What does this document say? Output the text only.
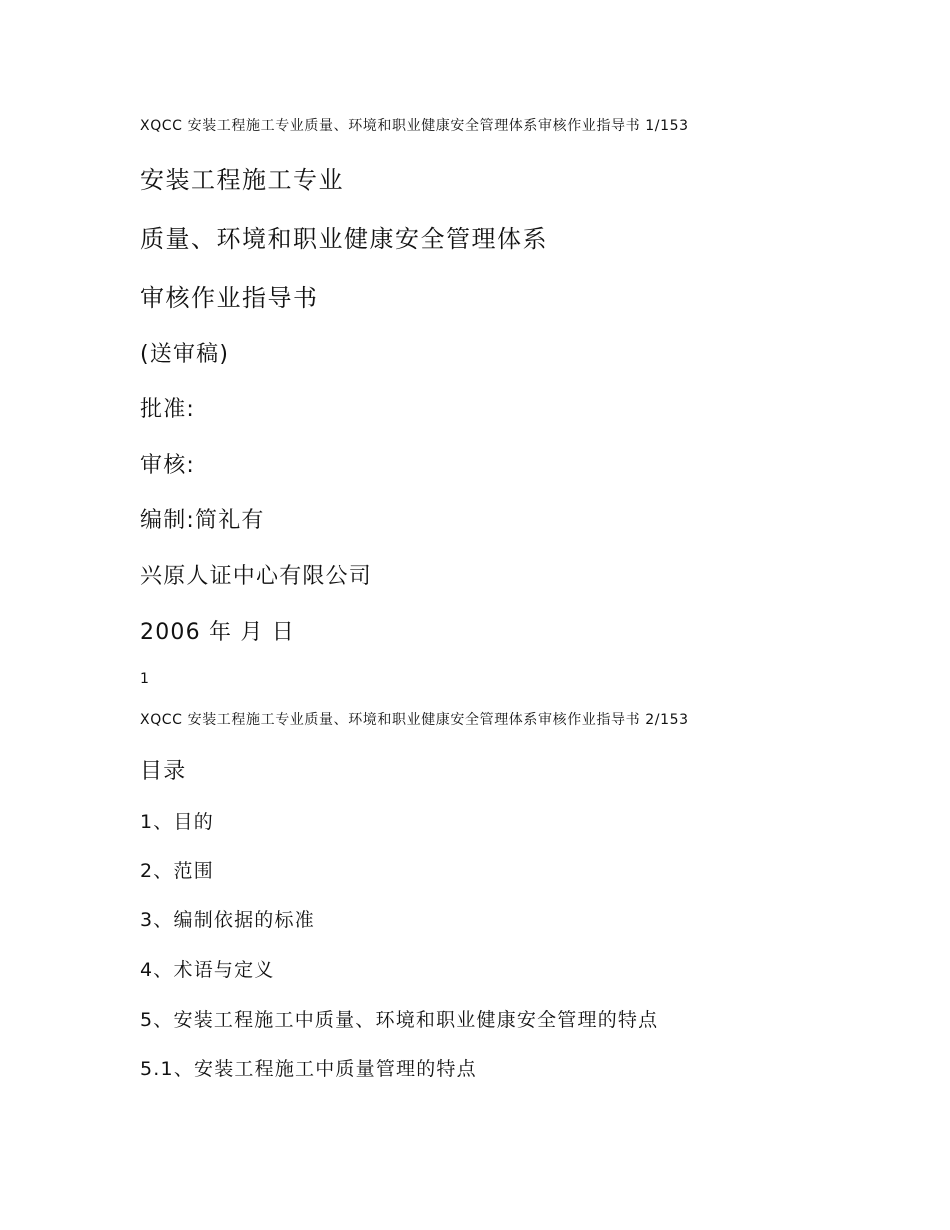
XQCC 安装工程施工专业质量、环境和职业健康安全管理体系审核作业指导书 1/153
安装工程施工专业
质量、环境和职业健康安全管理体系
审核作业指导书
(送审稿)
批准:
审核:
编制:简礼有
兴原人证中心有限公司
2006 年 月 日
1
XQCC 安装工程施工专业质量、环境和职业健康安全管理体系审核作业指导书 2/153
目录
1、目的
2、范围
3、编制依据的标准
4、术语与定义
5、安装工程施工中质量、环境和职业健康安全管理的特点
5.1、安装工程施工中质量管理的特点
